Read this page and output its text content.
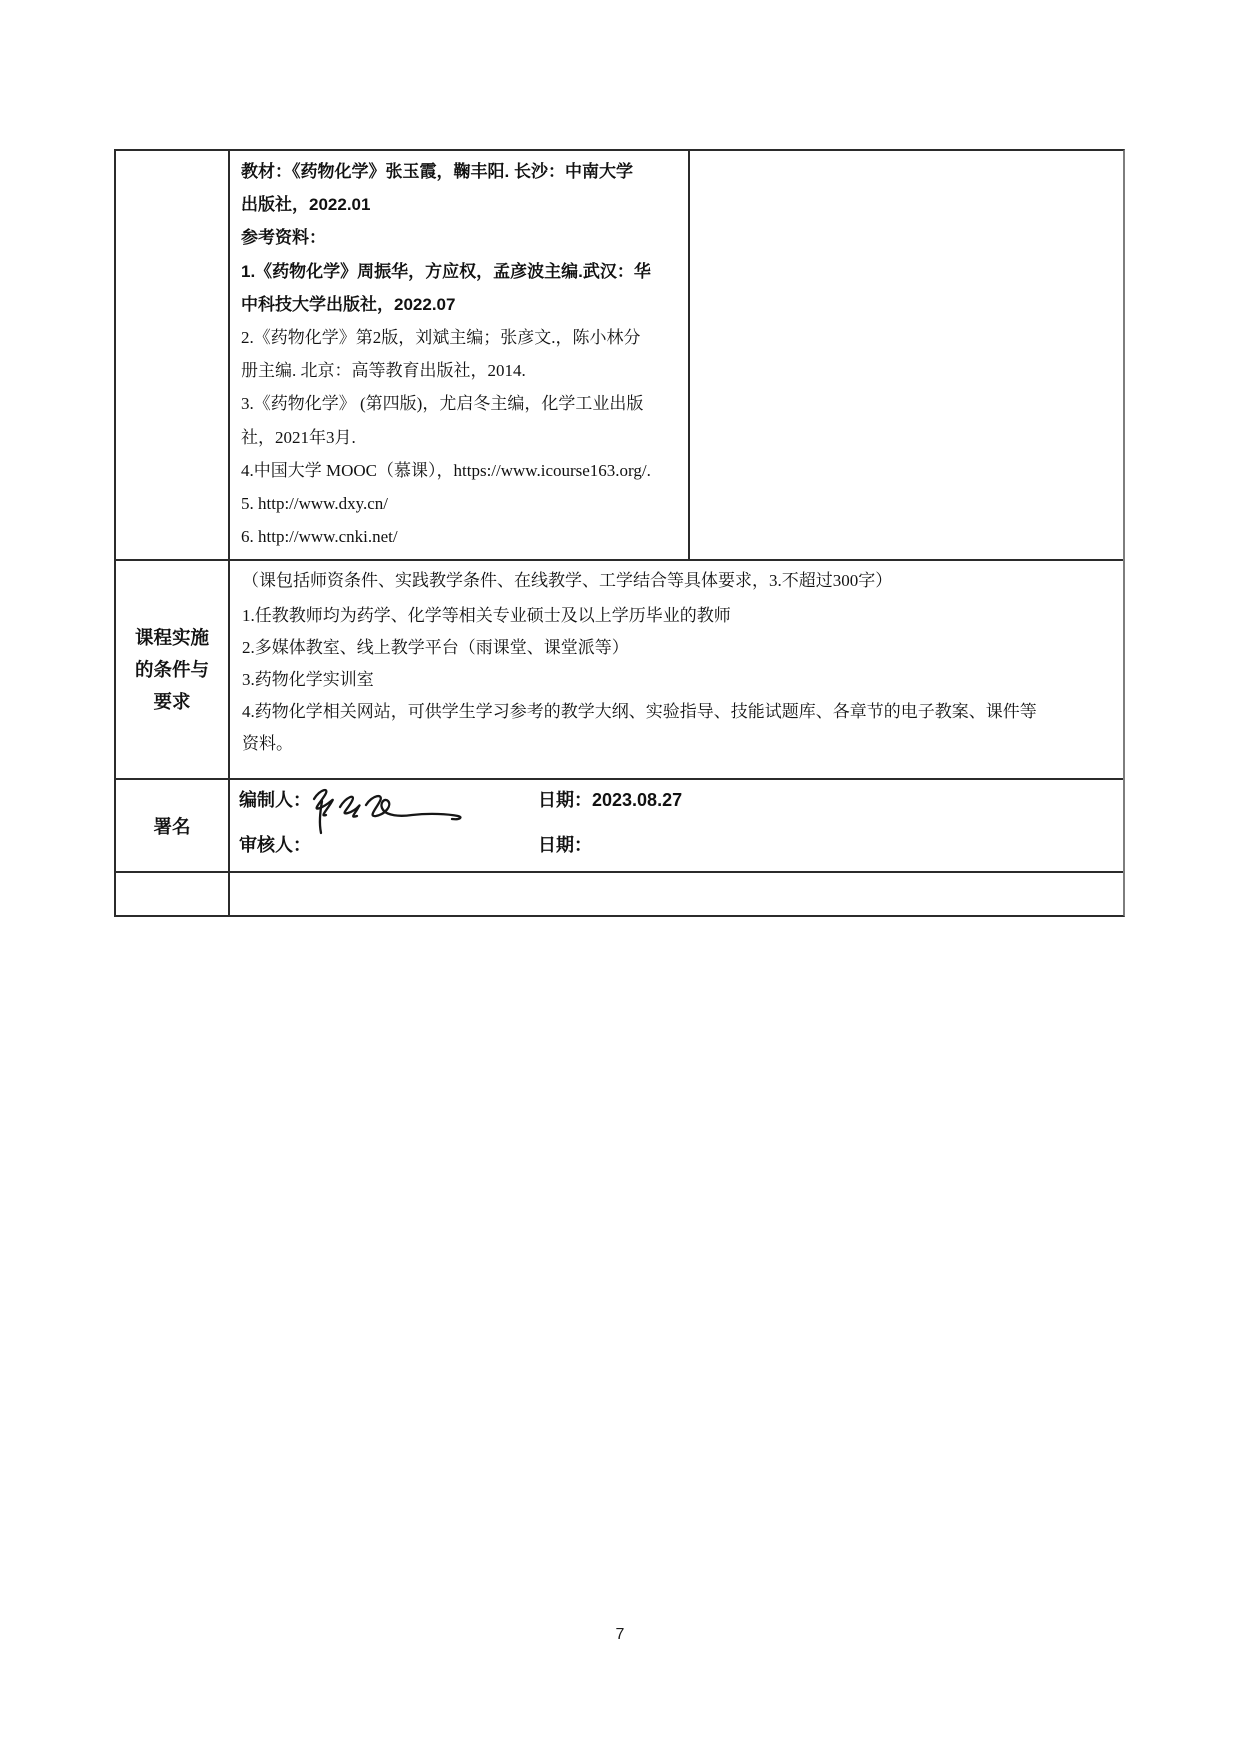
教材：《药物化学》张玉霞，鞠丰阳. 长沙：中南大学
出版社，2022.01
参考资料：
1.《药物化学》周振华，方应权，孟彦波主编.武汉：华
中科技大学出版社，2022.07
2.《药物化学》第2版，刘斌主编；张彦文.，陈小林分
册主编. 北京：高等教育出版社，2014.
3.《药物化学》 (第四版)，尤启冬主编，化学工业出版
社，2021年3月.
4.中国大学 MOOC（慕课），https://www.icourse163.org/.
5. http://www.dxy.cn/
6. http://www.cnki.net/
课程实施
的条件与
要求
（课包括师资条件、实践教学条件、在线教学、工学结合等具体要求，3.不超过300字）
1.任教教师均为药学、化学等相关专业硕士及以上学历毕业的教师
2.多媒体教室、线上教学平台（雨课堂、课堂派等）
3.药物化学实训室
4.药物化学相关网站，可供学生学习参考的教学大纲、实验指导、技能试题库、各章节的电子教案、课件等
资料。
署名
编制人：	日期：2023.08.27
审核人：	日期：
7
